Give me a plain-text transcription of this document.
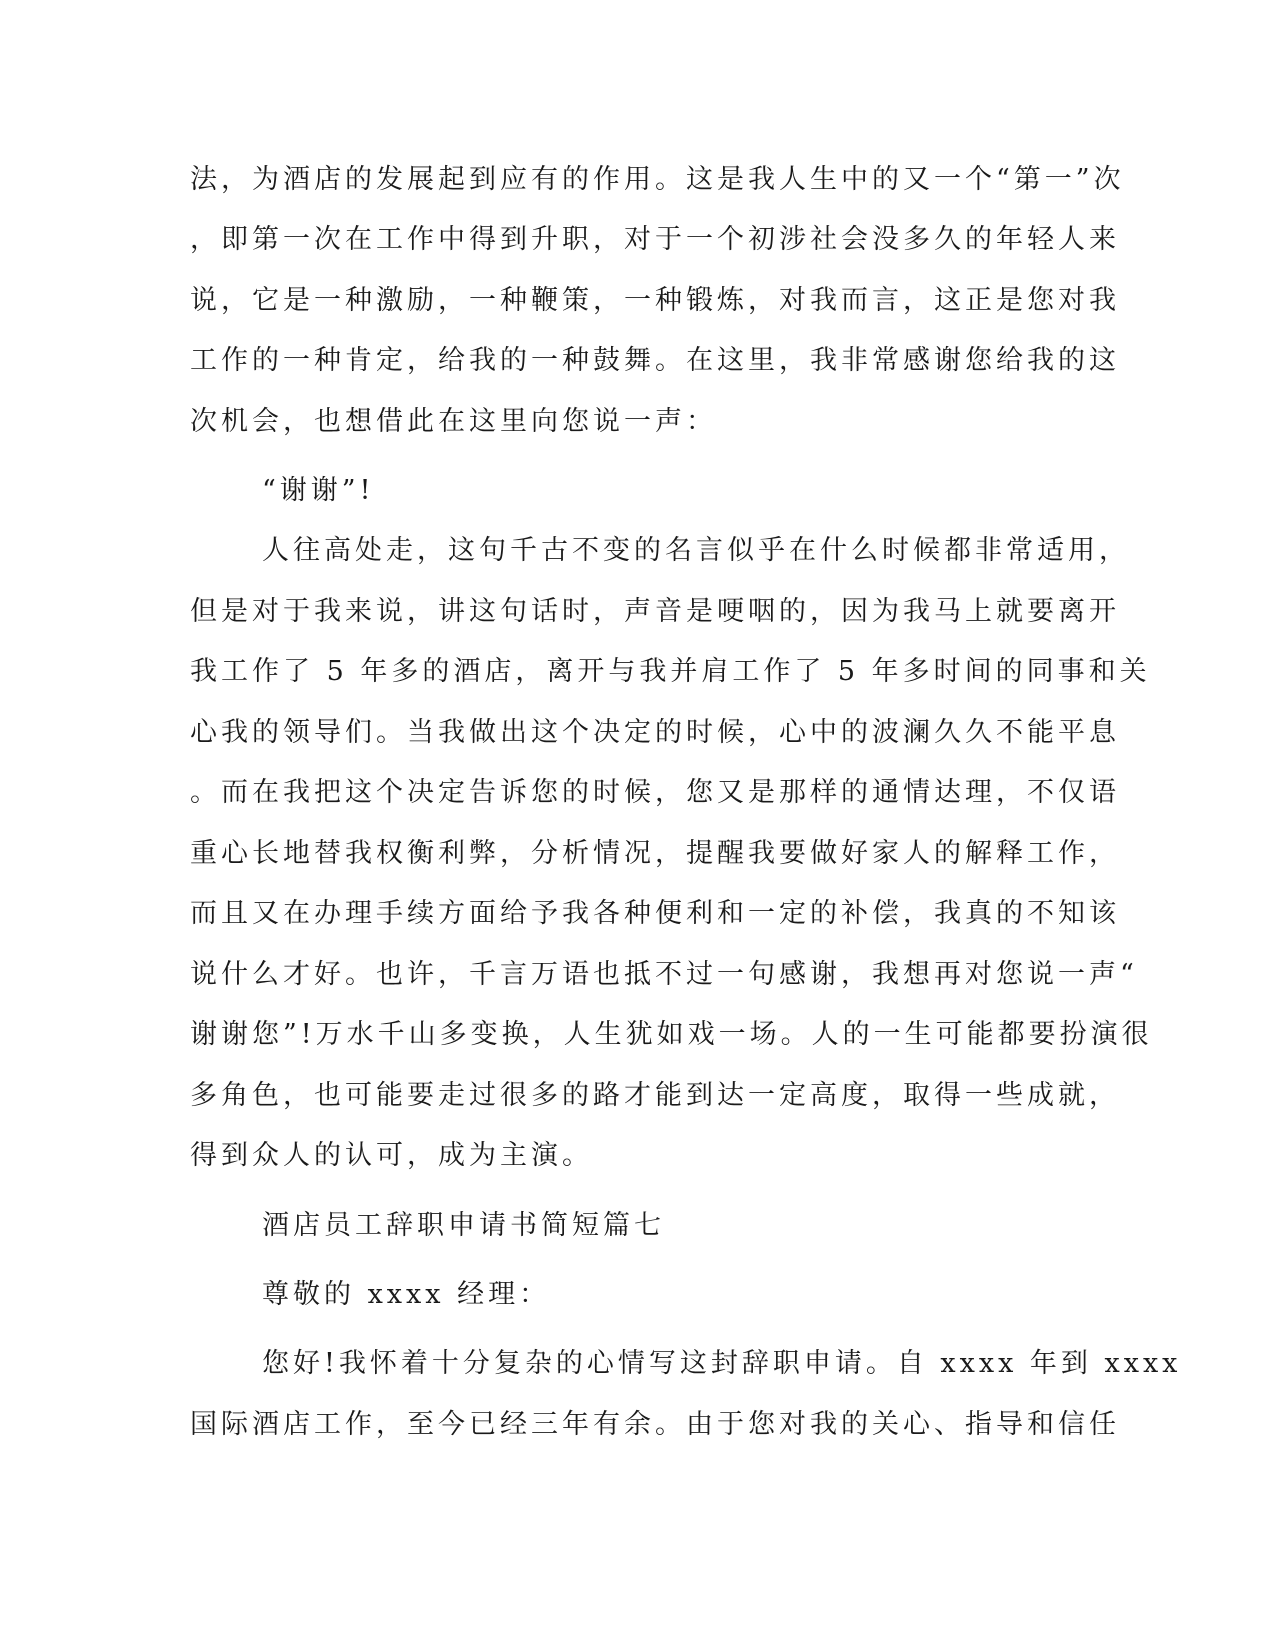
法，为酒店的发展起到应有的作用。这是我人生中的又一个“第一”次
，即第一次在工作中得到升职，对于一个初涉社会没多久的年轻人来
说，它是一种激励，一种鞭策，一种锻炼，对我而言，这正是您对我
工作的一种肯定，给我的一种鼓舞。在这里，我非常感谢您给我的这
次机会，也想借此在这里向您说一声：
“谢谢”!
人往高处走，这句千古不变的名言似乎在什么时候都非常适用，
但是对于我来说，讲这句话时，声音是哽咽的，因为我马上就要离开
我工作了 5 年多的酒店，离开与我并肩工作了 5 年多时间的同事和关
心我的领导们。当我做出这个决定的时候，心中的波澜久久不能平息
。而在我把这个决定告诉您的时候，您又是那样的通情达理，不仅语
重心长地替我权衡利弊，分析情况，提醒我要做好家人的解释工作，
而且又在办理手续方面给予我各种便利和一定的补偿，我真的不知该
说什么才好。也许，千言万语也抵不过一句感谢，我想再对您说一声“
谢谢您”!万水千山多变换，人生犹如戏一场。人的一生可能都要扮演很
多角色，也可能要走过很多的路才能到达一定高度，取得一些成就，
得到众人的认可，成为主演。
酒店员工辞职申请书简短篇七
尊敬的 xxxx 经理：
您好!我怀着十分复杂的心情写这封辞职申请。自 xxxx 年到 xxxx
国际酒店工作，至今已经三年有余。由于您对我的关心、指导和信任
